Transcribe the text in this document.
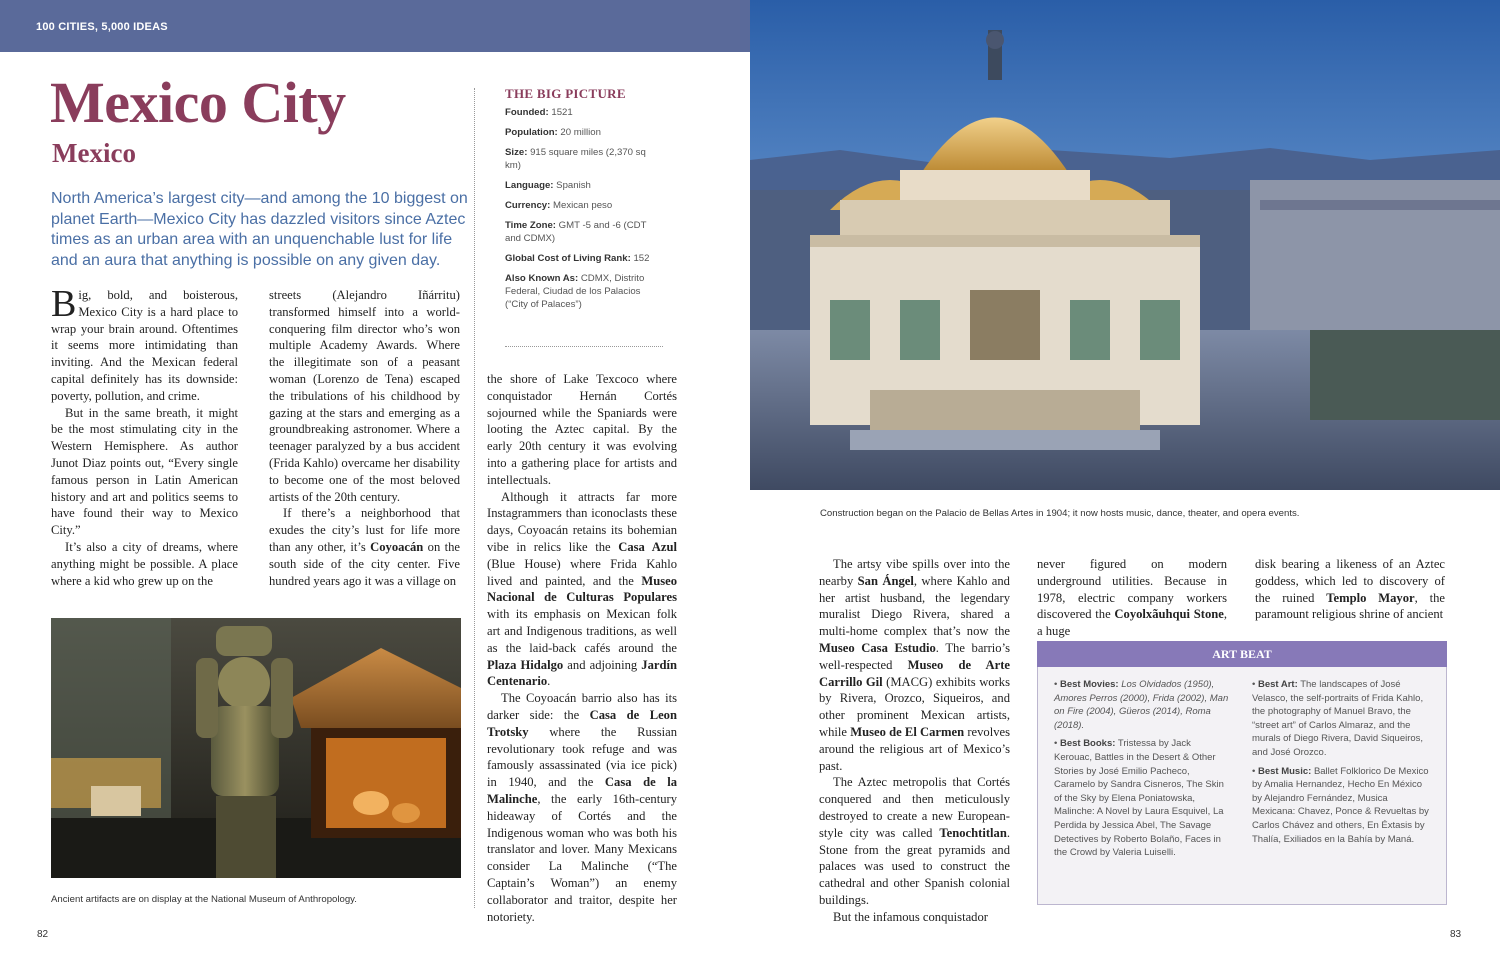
100 CITIES, 5,000 IDEAS
Mexico City
Mexico
North America’s largest city—and among the 10 biggest on planet Earth—Mexico City has dazzled visitors since Aztec times as an urban area with an unquenchable lust for life and an aura that anything is possible on any given day.

Big, bold, and boisterous, Mexico City is a hard place to wrap your brain around. Oftentimes it seems more intimidating than inviting. And the Mexican federal capital definitely has its downside: poverty, pollution, and crime.

But in the same breath, it might be the most stimulating city in the Western Hemisphere. As author Junot Diaz points out, “Every single famous person in Latin American history and art and politics seems to have found their way to Mexico City.”

It’s also a city of dreams, where anything might be possible. A place where a kid who grew up on the

streets (Alejandro Iñárritu) transformed himself into a world-conquering film director who’s won multiple Academy Awards. Where the illegitimate son of a peasant woman (Lorenzo de Tena) escaped the tribulations of his childhood by gazing at the stars and emerging as a groundbreaking astronomer. Where a teenager paralyzed by a bus accident (Frida Kahlo) overcame her disability to become one of the most beloved artists of the 20th century.

If there’s a neighborhood that exudes the city’s lust for life more than any other, it’s Coyoacán on the south side of the city center. Five hundred years ago it was a village on

THE BIG PICTURE
Founded: 1521
Population: 20 million
Size: 915 square miles (2,370 sq km)
Language: Spanish
Currency: Mexican peso
Time Zone: GMT -5 and -6 (CDT and CDMX)
Global Cost of Living Rank: 152
Also Known As: CDMX, Distrito Federal, Ciudad de los Palacios (“City of Palaces”)

the shore of Lake Texcoco where conquistador Hernán Cortés sojourned while the Spaniards were looting the Aztec capital. By the early 20th century it was evolving into a gathering place for artists and intellectuals.

Although it attracts far more Instagrammers than iconoclasts these days, Coyoacán retains its bohemian vibe in relics like the Casa Azul (Blue House) where Frida Kahlo lived and painted, and the Museo Nacional de Culturas Populares with its emphasis on Mexican folk art and Indigenous traditions, as well as the laid-back cafés around the Plaza Hidalgo and adjoining Jardín Centenario.

The Coyoacán barrio also has its darker side: the Casa de Leon Trotsky where the Russian revolutionary took refuge and was famously assassinated (via ice pick) in 1940, and the Casa de la Malinche, the early 16th-century hideaway of Cortés and the Indigenous woman who was both his translator and lover. Many Mexicans consider La Malinche (“The Captain’s Woman”) an enemy collaborator and traitor, despite her notoriety.

Ancient artifacts are on display at the National Museum of Anthropology.
82
Construction began on the Palacio de Bellas Artes in 1904; it now hosts music, dance, theater, and opera events.

The artsy vibe spills over into the nearby San Ángel, where Kahlo and her artist husband, the legendary muralist Diego Rivera, shared a multi-home complex that’s now the Museo Casa Estudio. The barrio’s well-respected Museo de Arte Carrillo Gil (MACG) exhibits works by Rivera, Orozco, Siqueiros, and other prominent Mexican artists, while Museo de El Carmen revolves around the religious art of Mexico’s past.

The Aztec metropolis that Cortés conquered and then meticulously destroyed to create a new European-style city was called Tenochtitlan. Stone from the great pyramids and palaces was used to construct the cathedral and other Spanish colonial buildings.

But the infamous conquistador

never figured on modern underground utilities. Because in 1978, electric company workers discovered the Coyolxãuhqui Stone, a huge

disk bearing a likeness of an Aztec goddess, which led to discovery of the ruined Templo Mayor, the paramount religious shrine of ancient

ART BEAT
• Best Movies: Los Olvidados (1950), Amores Perros (2000), Frida (2002), Man on Fire (2004), Güeros (2014), Roma (2018).
• Best Books: Tristessa by Jack Kerouac, Battles in the Desert & Other Stories by José Emilio Pacheco, Caramelo by Sandra Cisneros, The Skin of the Sky by Elena Poniatowska, Malinche: A Novel by Laura Esquivel, La Perdida by Jessica Abel, The Savage Detectives by Roberto Bolaño, Faces in the Crowd by Valeria Luiselli.
• Best Art: The landscapes of José Velasco, the self-portraits of Frida Kahlo, the photography of Manuel Bravo, the “street art” of Carlos Almaraz, and the murals of Diego Rivera, David Siqueiros, and José Orozco.
• Best Music: Ballet Folklorico De Mexico by Amalia Hernandez, Hecho En México by Alejandro Fernández, Musica Mexicana: Chavez, Ponce & Revueltas by Carlos Chávez and others, En Éxtasis by Thalía, Exiliados en la Bahía by Maná.
83
